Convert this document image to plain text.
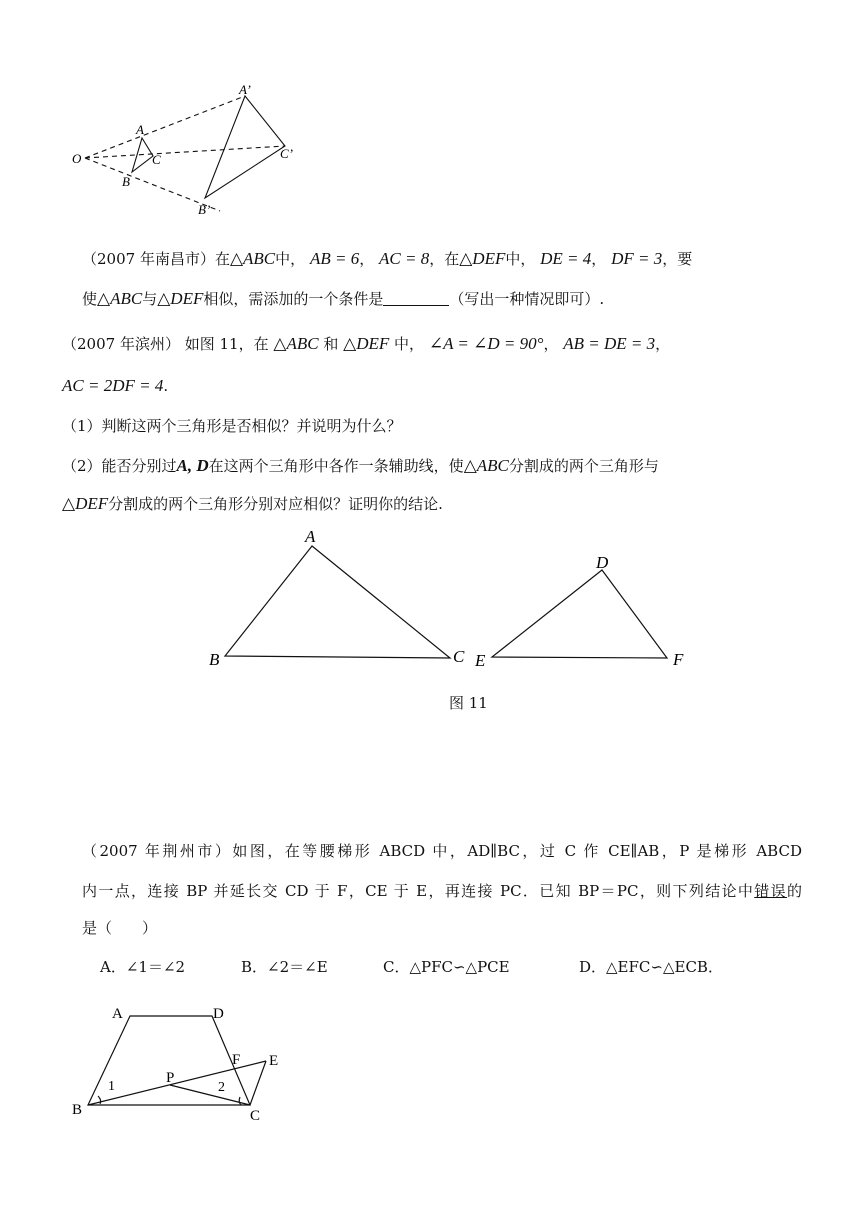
O
A
C
B
A’
C’
B’
（2007 年南昌市）在△ABC中， AB = 6， AC = 8，在△DEF中， DE = 4， DF = 3，要
使△ABC与△DEF相似，需添加的一个条件是	（写出一种情况即可）.
（2007 年滨州） 如图 11，在 △ABC 和 △DEF 中， ∠A = ∠D = 90°， AB = DE = 3，
AC = 2DF = 4.
（1）判断这两个三角形是否相似？并说明为什么？
（2）能否分别过A, D在这两个三角形中各作一条辅助线，使△ABC分割成的两个三角形与
△DEF分割成的两个三角形分别对应相似？证明你的结论.
A
B	C
D
E	F
图 11
（2007 年荆州市）如图，在等腰梯形 ABCD 中，AD∥BC，过 C 作 CE∥AB，P 是梯形 ABCD
内一点，连接 BP 并延长交 CD 于 F，CE 于 E，再连接 PC．已知 BP＝PC，则下列结论中错误的
是（　　）
A．∠1＝∠2	B．∠2＝∠E	C．△PFC∽△PCE	D．△EFC∽△ECB．
A	D
F E
P
1	2
B	C
